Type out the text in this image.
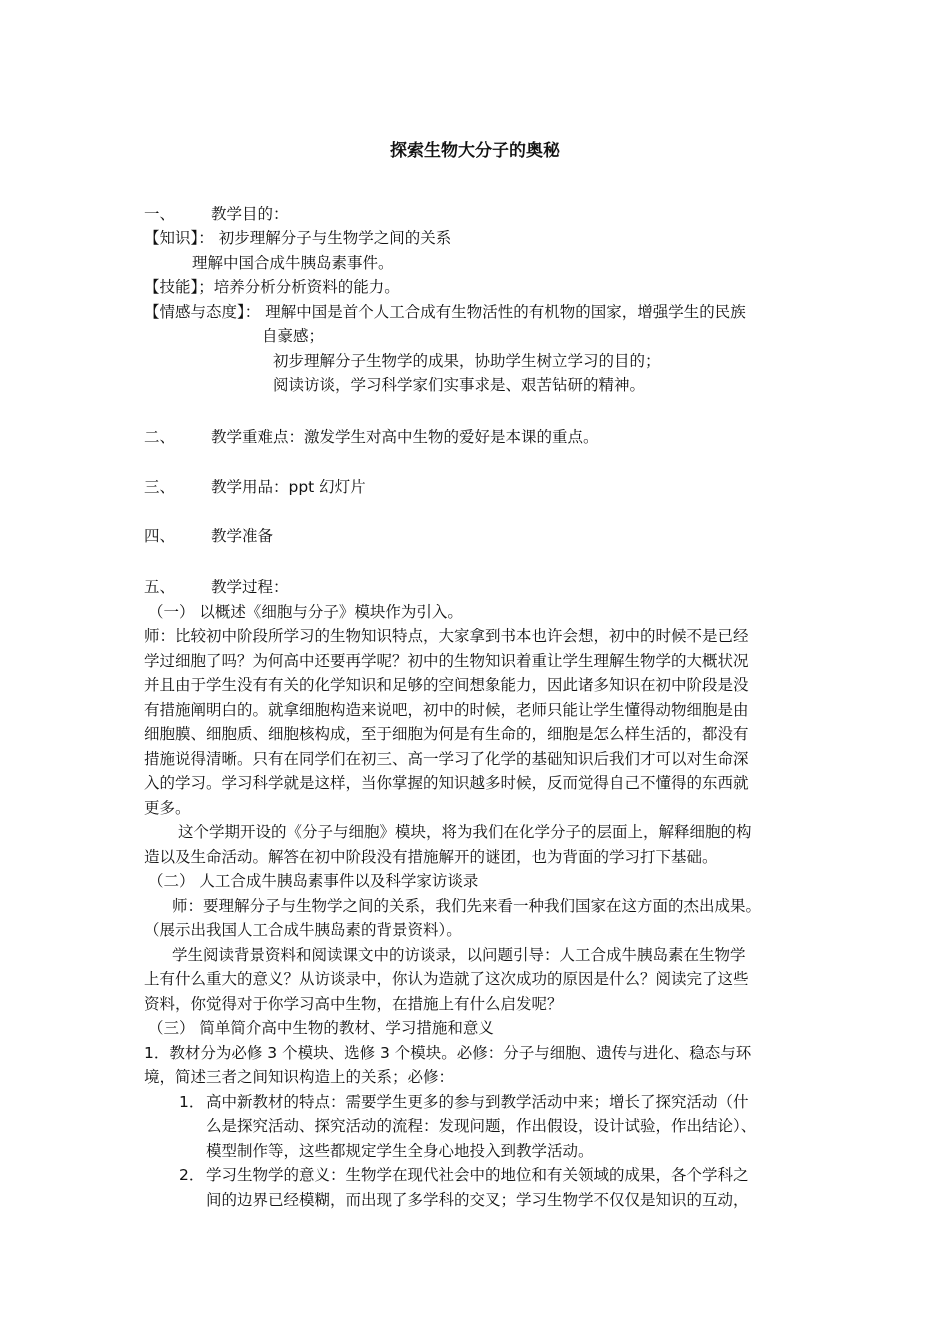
探索生物大分子的奥秘

一、 教学目的：

【知识】： 初步理解分子与生物学之间的关系

理解中国合成牛胰岛素事件。

【技能】；培养分析分析资料的能力。

【情感与态度】： 理解中国是首个人工合成有生物活性的有机物的国家，增强学生的民族

自豪感；

初步理解分子生物学的成果，协助学生树立学习的目的；

阅读访谈，学习科学家们实事求是、艰苦钻研的精神。

二、 教学重难点：激发学生对高中生物的爱好是本课的重点。

三、 教学用品：ppt 幻灯片

四、 教学准备

五、 教学过程：

（一） 以概述《细胞与分子》模块作为引入。

师：比较初中阶段所学习的生物知识特点，大家拿到书本也许会想，初中的时候不是已经

学过细胞了吗？为何高中还要再学呢？初中的生物知识着重让学生理解生物学的大概状况

并且由于学生没有有关的化学知识和足够的空间想象能力，因此诸多知识在初中阶段是没

有措施阐明白的。就拿细胞构造来说吧，初中的时候，老师只能让学生懂得动物细胞是由

细胞膜、细胞质、细胞核构成，至于细胞为何是有生命的，细胞是怎么样生活的，都没有

措施说得清晰。只有在同学们在初三、高一学习了化学的基础知识后我们才可以对生命深

入的学习。学习科学就是这样，当你掌握的知识越多时候，反而觉得自己不懂得的东西就

更多。

这个学期开设的《分子与细胞》模块，将为我们在化学分子的层面上，解释细胞的构

造以及生命活动。解答在初中阶段没有措施解开的谜团，也为背面的学习打下基础。

（二） 人工合成牛胰岛素事件以及科学家访谈录

师：要理解分子与生物学之间的关系，我们先来看一种我们国家在这方面的杰出成果。

（展示出我国人工合成牛胰岛素的背景资料）。

学生阅读背景资料和阅读课文中的访谈录，以问题引导：人工合成牛胰岛素在生物学

上有什么重大的意义？从访谈录中，你认为造就了这次成功的原因是什么？阅读完了这些

资料，你觉得对于你学习高中生物，在措施上有什么启发呢？

（三） 简单简介高中生物的教材、学习措施和意义

1．教材分为必修 3 个模块、选修 3 个模块。必修：分子与细胞、遗传与进化、稳态与环

境，简述三者之间知识构造上的关系；必修：

1． 高中新教材的特点：需要学生更多的参与到教学活动中来；增长了探究活动（什

么是探究活动、探究活动的流程：发现问题，作出假设，设计试验，作出结论）、

模型制作等，这些都规定学生全身心地投入到教学活动。

2． 学习生物学的意义：生物学在现代社会中的地位和有关领域的成果，各个学科之

间的边界已经模糊，而出现了多学科的交叉；学习生物学不仅仅是知识的互动，
